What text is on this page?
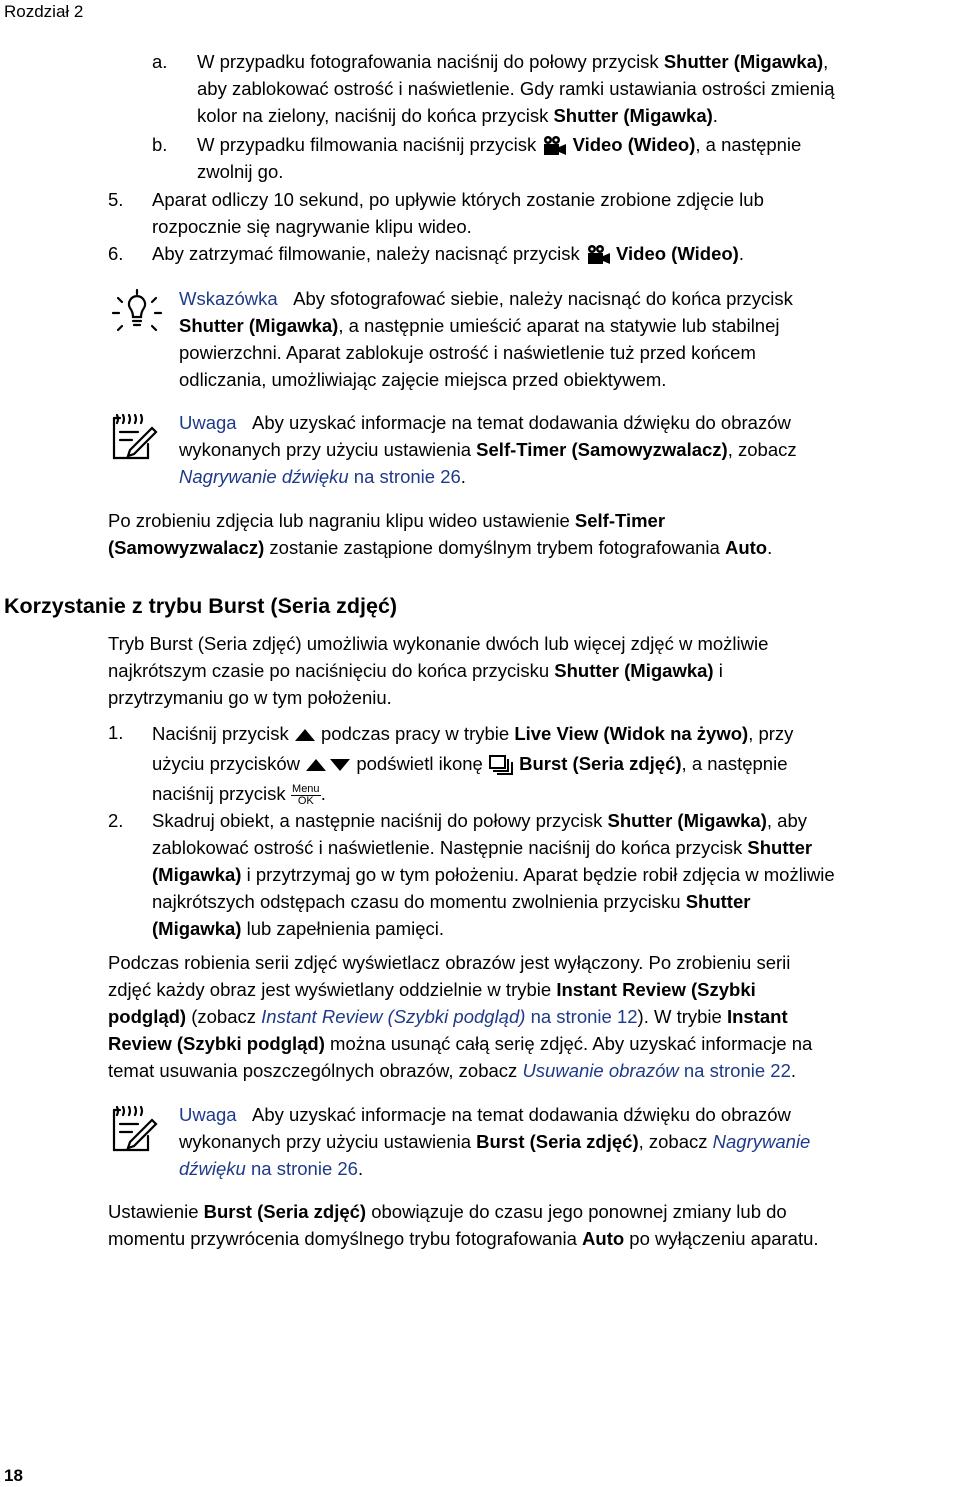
Rozdział 2
a. W przypadku fotografowania naciśnij do połowy przycisk Shutter (Migawka),
aby zablokować ostrość i naświetlenie. Gdy ramki ustawiania ostrości zmienią
kolor na zielony, naciśnij do końca przycisk Shutter (Migawka).
b. W przypadku filmowania naciśnij przycisk  Video (Wideo), a następnie
zwolnij go.
5. Aparat odliczy 10 sekund, po upływie których zostanie zrobione zdjęcie lub
rozpocznie się nagrywanie klipu wideo.
6. Aby zatrzymać filmowanie, należy nacisnąć przycisk  Video (Wideo).
Wskazówka Aby sfotografować siebie, należy nacisnąć do końca przycisk
Shutter (Migawka), a następnie umieścić aparat na statywie lub stabilnej
powierzchni. Aparat zablokuje ostrość i naświetlenie tuż przed końcem
odliczania, umożliwiając zajęcie miejsca przed obiektywem.
Uwaga Aby uzyskać informacje na temat dodawania dźwięku do obrazów
wykonanych przy użyciu ustawienia Self-Timer (Samowyzwalacz), zobacz
Nagrywanie dźwięku na stronie 26.
Po zrobieniu zdjęcia lub nagraniu klipu wideo ustawienie Self-Timer
(Samowyzwalacz) zostanie zastąpione domyślnym trybem fotografowania Auto.
Korzystanie z trybu Burst (Seria zdjęć)
Tryb Burst (Seria zdjęć) umożliwia wykonanie dwóch lub więcej zdjęć w możliwie
najkrótszym czasie po naciśnięciu do końca przycisku Shutter (Migawka) i
przytrzymaniu go w tym położeniu.
1. Naciśnij przycisk  podczas pracy w trybie Live View (Widok na żywo), przy
użyciu przycisków  podświetl ikonę  Burst (Seria zdjęć), a następnie
naciśnij przycisk Menu
OK .
2. Skadruj obiekt, a następnie naciśnij do połowy przycisk Shutter (Migawka), aby
zablokować ostrość i naświetlenie. Następnie naciśnij do końca przycisk Shutter
(Migawka) i przytrzymaj go w tym położeniu. Aparat będzie robił zdjęcia w możliwie
najkrótszych odstępach czasu do momentu zwolnienia przycisku Shutter
(Migawka) lub zapełnienia pamięci.
Podczas robienia serii zdjęć wyświetlacz obrazów jest wyłączony. Po zrobieniu serii
zdjęć każdy obraz jest wyświetlany oddzielnie w trybie Instant Review (Szybki
podgląd) (zobacz Instant Review (Szybki podgląd) na stronie 12). W trybie Instant
Review (Szybki podgląd) można usunąć całą serię zdjęć. Aby uzyskać informacje na
temat usuwania poszczególnych obrazów, zobacz Usuwanie obrazów na stronie 22.
Uwaga Aby uzyskać informacje na temat dodawania dźwięku do obrazów
wykonanych przy użyciu ustawienia Burst (Seria zdjęć), zobacz Nagrywanie
dźwięku na stronie 26.
Ustawienie Burst (Seria zdjęć) obowiązuje do czasu jego ponownej zmiany lub do
momentu przywrócenia domyślnego trybu fotografowania Auto po wyłączeniu aparatu.
18
